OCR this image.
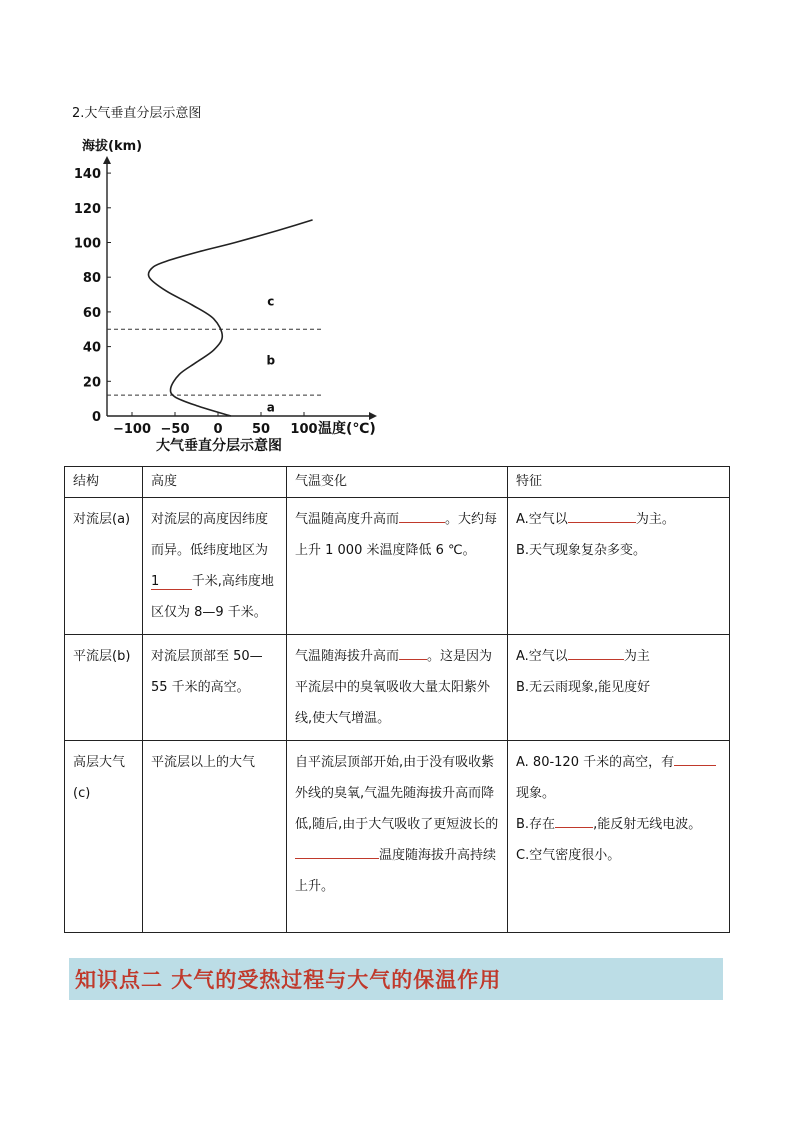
2.大气垂直分层示意图
海拔(km)
0
20
40
60
80
100
120
140
−100 −50 0 50 100
a
b
c
温度(℃)
大气垂直分层示意图
结构	高度	气温变化	特征
对流层(a)	对流层的高度因纬度而异。低纬度地区为1    千米,高纬度地区仅为 8—9 千米。	气温随高度升高而 。大约每上升 1 000 米温度降低 6 ℃。	A.空气以 为主。
B.天气现象复杂多变。

平流层(b)	对流层顶部至 50—55 千米的高空。	气温随海拔升高而 。这是因为平流层中的臭氧吸收大量太阳紫外线,使大气增温。	A.空气以 为主
B.无云雨现象,能见度好

高层大气(c)	平流层以上的大气	自平流层顶部开始,由于没有吸收紫外线的臭氧,气温先随海拔升高而降低,随后,由于大气吸收了更短波长的温度随海拔升高持续上升。	A. 80-120 千米的高空，有现象。
B.存在 ,能反射无线电波。
C.空气密度很小。
知识点二 大气的受热过程与大气的保温作用
